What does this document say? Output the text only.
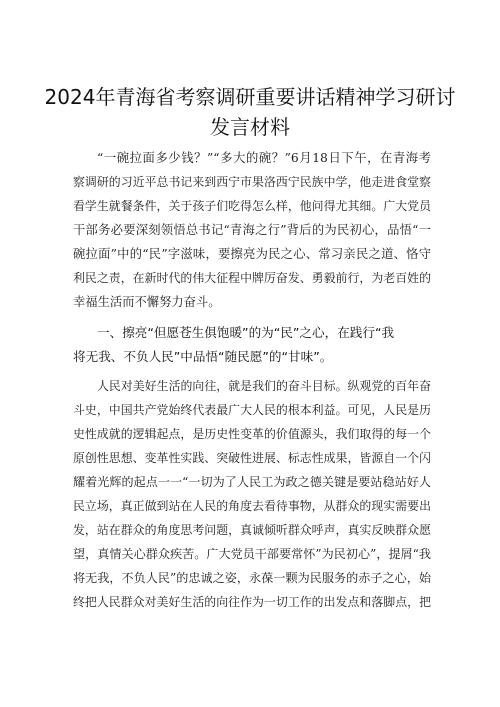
2024年青海省考察调研重要讲话精神学习研讨
发言材料
“一碗拉面多少钱？”“多大的碗？”6月18日下午，在青海考
察调研的习近平总书记来到西宁市果洛西宁民族中学，他走进食堂察
看学生就餐条件，关于孩子们吃得怎么样，他问得尤其细。广大党员
干部务必要深刻领悟总书记“青海之行”背后的为民初心，品悟“一
碗拉面”中的“民”字滋味，要擦亮为民之心、常习亲民之道、恪守
利民之责，在新时代的伟大征程中牌厉奋发、勇毅前行，为老百姓的
幸福生活而不懈努力奋斗。
一、擦亮“但愿苍生俱饱暖”的为“民”之心，在践行“我
将无我、不负人民”中品悟“随民愿”的“甘味”。
人民对美好生活的向往，就是我们的奋斗目标。纵观党的百年奋
斗史，中国共产党始终代表最广大人民的根本利益。可见，人民是历
史性成就的逻辑起点，是历史性变革的价值源头，我们取得的每一个
原创性思想、变革性实践、突破性进展、标志性成果，皆源自一个闪
耀着光辉的起点一一“一切为了人民工为政之德关键是要站稳站好人
民立场，真正做到站在人民的角度去看待事物，从群众的现实需要出
发，站在群众的角度思考问题，真诚倾听群众呼声，真实反映群众愿
望，真情关心群众疾苦。广大党员干部要常怀”为民初心”，提屑“我
将无我，不负人民”的忠诚之姿，永葆一颗为民服务的赤子之心，始
终把人民群众对美好生活的向往作为一切工作的出发点和落脚点，把
